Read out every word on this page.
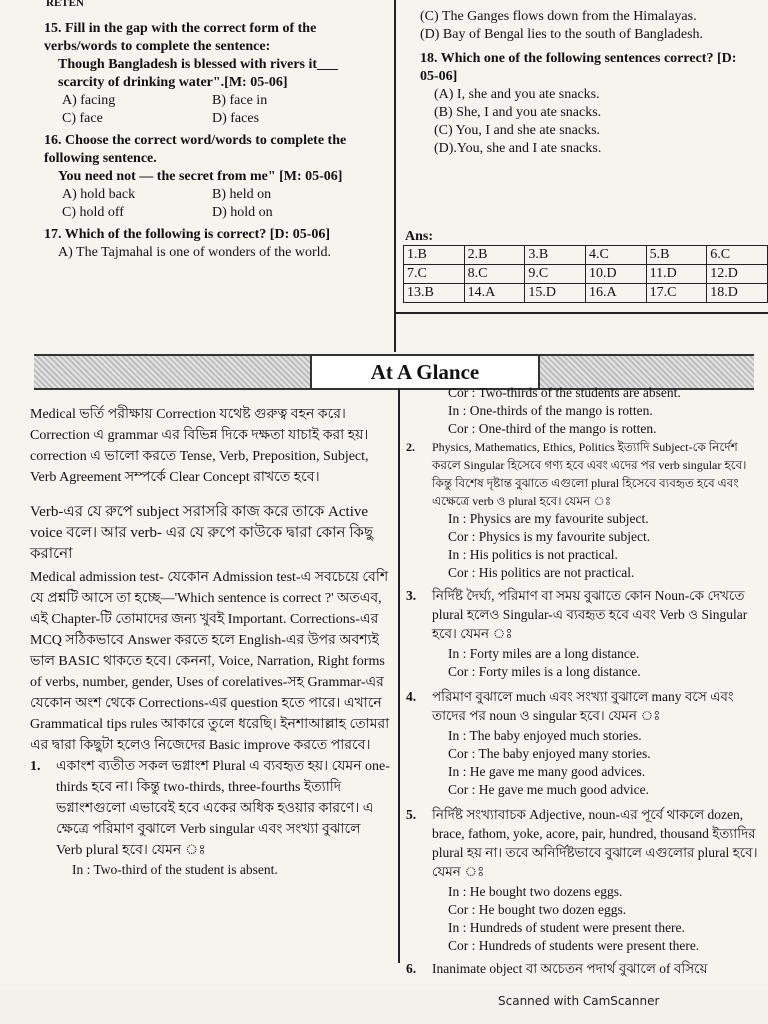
RETEN
15. Fill in the gap with the correct form of the verbs/words to complete the sentence:
Though Bangladesh is blessed with rivers it___ scarcity of drinking water".[M: 05-06]
A) facing	B) face in
C) face	D) faces
16. Choose the correct word/words to complete the following sentence.
You need not — the secret from me" [M: 05-06]
A) hold back	B) held on
C) hold off	D) hold on
17. Which of the following is correct? [D: 05-06]
A) The Tajmahal is one of wonders of the world.
(C) The Ganges flows down from the Himalayas.
(D) Bay of Bengal lies to the south of Bangladesh.
18. Which one of the following sentences correct? [D: 05-06]
(A) I, she and you ate snacks.
(B) She, I and you ate snacks.
(C) You, I and she ate snacks.
(D).You, she and I ate snacks.
Ans:
1.B	2.B	3.B	4.C	5.B	6.C
7.C	8.C	9.C	10.D	11.D	12.D
13.B	14.A	15.D	16.A	17.C	18.D
At A Glance
Medical ভর্তি পরীক্ষায় Correction যথেষ্ট গুরুত্ব বহন করে। Correction এ grammar এর বিভিন্ন দিকে দক্ষতা যাচাই করা হয়। correction এ ভালো করতে Tense, Verb, Preposition, Subject, Verb Agreement সম্পর্কে Clear Concept রাখতে হবে।
Verb-এর যে রুপে subject সরাসরি কাজ করে তাকে Active voice বলে। আর verb- এর যে রুপে কাউকে দ্বারা কোন কিছু করানো
Medical admission test- যেকোন Admission test-এ সবচেয়ে বেশি যে প্রশ্নটি আসে তা হচ্ছে—'Which sentence is correct ?' অতএব, এই Chapter-টি তোমাদের জন্য খুবই Important. Corrections-এর MCQ সঠিকভাবে Answer করতে হলে English-এর উপর অবশ্যই ভাল BASIC থাকতে হবে। কেননা, Voice, Narration, Right forms of verbs, number, gender, Uses of corelatives-সহ Grammar-এর যেকোন অংশ থেকে Corrections-এর question হতে পারে। এখানে Grammatical tips rules আকারে তুলে ধরেছি। ইনশাআল্লাহ তোমরা এর দ্বারা কিছুটা হলেও নিজেদের Basic improve করতে পারবে।
1.	একাংশ ব্যতীত সকল ভগ্নাংশ Plural এ ব্যবহৃত হয়। যেমন one-thirds হবে না। কিন্তু two-thirds, three-fourths ইত্যাদি ভগ্নাংশগুলো এভাবেই হবে একের অধিক হওয়ার কারণে। এ ক্ষেত্রে পরিমাণ বুঝালে Verb singular এবং সংখ্যা বুঝালে Verb plural হবে। যেমন ঃ
In : Two-third of the student is absent.
Cor : Two-thirds of the students are absent.
In : One-thirds of the mango is rotten.
Cor : One-third of the mango is rotten.
2.	Physics, Mathematics, Ethics, Politics ইত্যাদি Subject-কে নির্দেশ করলে Singular হিসেবে গণ্য হবে এবং এদের পর verb singular হবে। কিন্তু বিশেষ দৃষ্টান্ত বুঝাতে এগুলো plural হিসেবে ব্যবহৃত হবে এবং এক্ষেত্রে verb ও plural হবে। যেমন ঃ
In : Physics are my favourite subject.
Cor : Physics is my favourite subject.
In : His politics is not practical.
Cor : His politics are not practical.
3.	নির্দিষ্ট দৈর্ঘ্য, পরিমাণ বা সময় বুঝাতে কোন Noun-কে দেখতে plural হলেও Singular-এ ব্যবহৃত হবে এবং Verb ও Singular হবে। যেমন ঃ
In : Forty miles are a long distance.
Cor : Forty miles is a long distance.
4.	পরিমাণ বুঝালে much এবং সংখ্যা বুঝালে many বসে এবং তাদের পর noun ও singular হবে। যেমন ঃ
In : The baby enjoyed much stories.
Cor : The baby enjoyed many stories.
In : He gave me many good advices.
Cor : He gave me much good advice.
5.	নির্দিষ্ট সংখ্যাবাচক Adjective, noun-এর পূর্বে থাকলে dozen, brace, fathom, yoke, acore, pair, hundred, thousand ইত্যাদির plural হয় না। তবে অনির্দিষ্টভাবে বুঝালে এগুলোর plural হবে। যেমন ঃ
In : He bought two dozens eggs.
Cor : He bought two dozen eggs.
In : Hundreds of student were present there.
Cor : Hundreds of students were present there.
6.	Inanimate object বা অচেতন পদার্থ বুঝালে of বসিয়ে
Scanned with CamScanner
